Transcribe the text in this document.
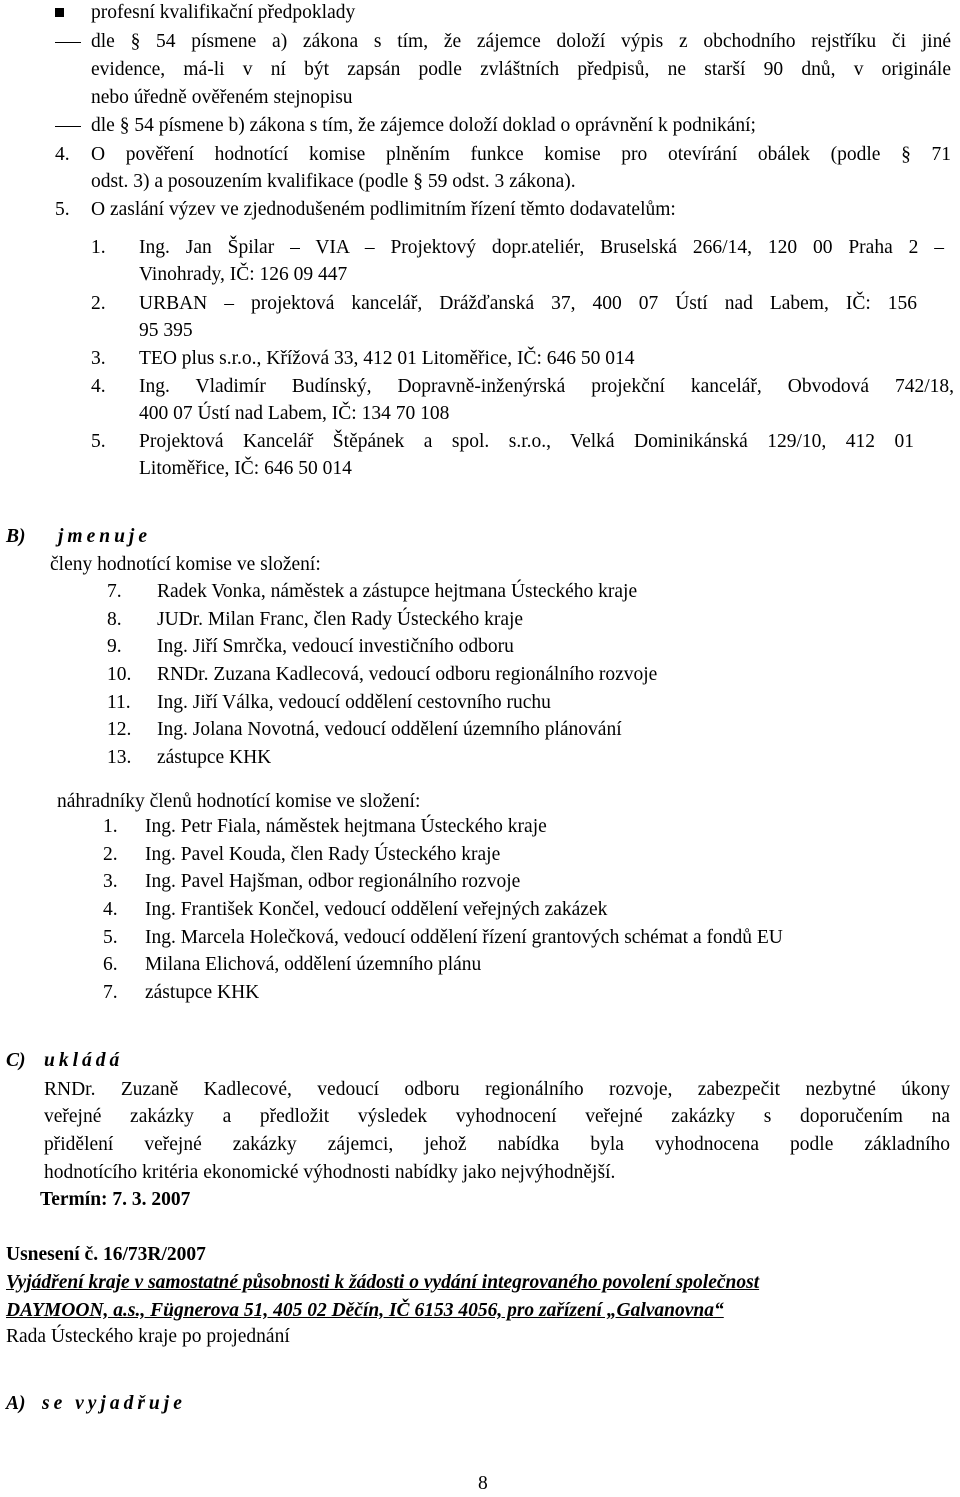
profesní kvalifikační předpoklady
dle § 54 písmene a) zákona s tím, že zájemce doloží výpis z obchodního rejstříku či jiné
evidence, má-li v ní být zapsán podle zvláštních předpisů, ne starší 90 dnů, v originále
nebo úředně ověřeném stejnopisu
dle § 54 písmene b) zákona s tím, že zájemce doloží doklad o oprávnění k podnikání;
4. O pověření hodnotící komise plněním funkce komise pro otevírání obálek (podle § 71
odst. 3) a posouzením kvalifikace (podle § 59 odst. 3 zákona).
5. O zaslání výzev ve zjednodušeném podlimitním řízení těmto dodavatelům:
1. Ing. Jan Špilar – VIA – Projektový dopr.ateliér, Bruselská 266/14, 120 00 Praha 2 –
Vinohrady, IČ: 126 09 447
2. URBAN – projektová kancelář, Drážďanská 37, 400 07 Ústí nad Labem, IČ: 156
95 395
3. TEO plus s.r.o., Křížová 33, 412 01 Litoměřice, IČ: 646 50 014
4. Ing. Vladimír Budínský, Dopravně-inženýrská projekční kancelář, Obvodová 742/18,
400 07 Ústí nad Labem, IČ: 134 70 108
5. Projektová Kancelář Štěpánek a spol. s.r.o., Velká Dominikánská 129/10, 412 01
Litoměřice, IČ: 646 50 014
B) jmenuje
členy hodnotící komise ve složení:
7. Radek Vonka, náměstek a zástupce hejtmana Ústeckého kraje
8. JUDr. Milan Franc, člen Rady Ústeckého kraje
9. Ing. Jiří Smrčka, vedoucí investičního odboru
10. RNDr. Zuzana Kadlecová, vedoucí odboru regionálního rozvoje
11. Ing. Jiří Válka, vedoucí oddělení cestovního ruchu
12. Ing. Jolana Novotná, vedoucí oddělení územního plánování
13. zástupce KHK
náhradníky členů hodnotící komise ve složení:
1. Ing. Petr Fiala, náměstek hejtmana Ústeckého kraje
2. Ing. Pavel Kouda, člen Rady Ústeckého kraje
3. Ing. Pavel Hajšman, odbor regionálního rozvoje
4. Ing. František Končel, vedoucí oddělení veřejných zakázek
5. Ing. Marcela Holečková, vedoucí oddělení řízení grantových schémat a fondů EU
6. Milana Elichová, oddělení územního plánu
7. zástupce KHK
C) ukládá
RNDr. Zuzaně Kadlecové, vedoucí odboru regionálního rozvoje, zabezpečit nezbytné úkony
veřejné zakázky a předložit výsledek vyhodnocení veřejné zakázky s doporučením na
přidělení veřejné zakázky zájemci, jehož nabídka byla vyhodnocena podle základního
hodnotícího kritéria ekonomické výhodnosti nabídky jako nejvýhodnější.
Termín: 7. 3. 2007
Usnesení č. 16/73R/2007
Vyjádření kraje v samostatné působnosti k žádosti o vydání integrovaného povolení společnost
DAYMOON, a.s., Fügnerova 51, 405 02 Děčín, IČ 6153 4056, pro zařízení „Galvanovna“
Rada Ústeckého kraje po projednání
A) se vyjadřuje
8
